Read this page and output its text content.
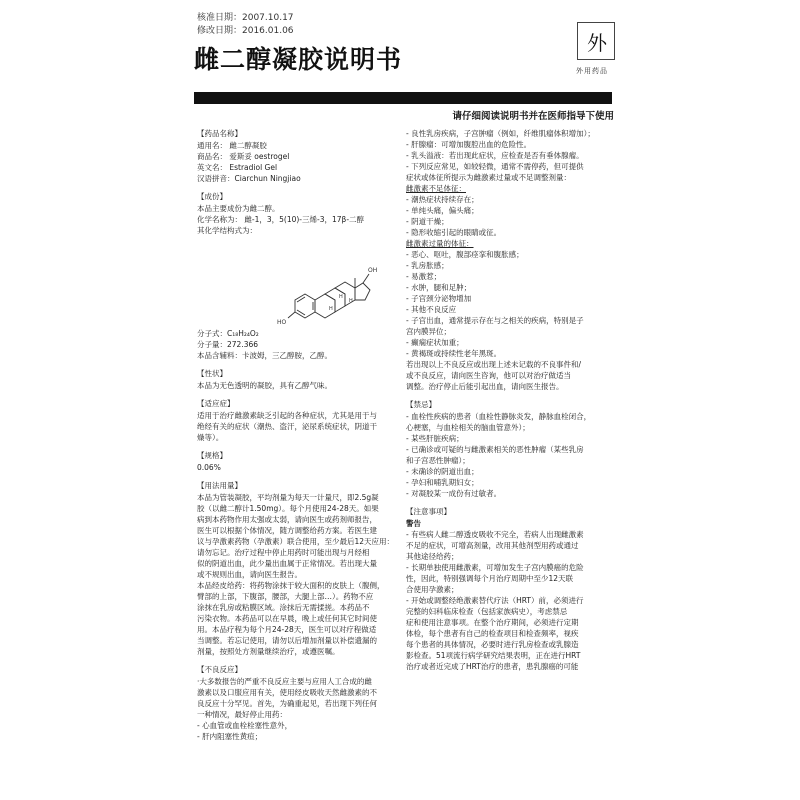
核准日期：2007.10.17
修改日期：2016.01.06
雌二醇凝胶说明书
外
外用药品
请仔细阅读说明书并在医师指导下使用
【药品名称】
通用名： 雌二醇凝胶
商品名： 爱斯妥 oestrogel
英文名： Estradiol Gel
汉语拼音：Ciarchun Ningjiao
【成份】
本品主要成份为雌二醇。
化学名称为： 雌-1，3，5(10)-三烯-3，17β-二醇
其化学结构式为：
OH
HO
H
H
H
分子式：C₁₈H₂₄O₂
分子量：272.366
本品含辅料：卡波姆，三乙醇胺，乙醇。
【性状】
本品为无色透明的凝胶，具有乙醇气味。
【适应症】
适用于治疗雌激素缺乏引起的各种症状，尤其是用于与
绝经有关的症状（潮热、盗汗，泌尿系统症状，阴道干
燥等）。
【规格】
0.06%
【用法用量】
本品为管装凝胶，平均剂量为每天一计量尺，即2.5g凝
胶（以雌二醇计1.50mg）。每个月使用24-28天。如果
病到本药物作用太强或太弱，请向医生或药剂师报告，
医生可以根据个体情况，随方调整给药方案。若医生建
议与孕激素药物（孕激素）联合使用，至少最后12天应用：
请勿忘记。治疗过程中停止用药时可能出现与月经相
似的阴道出血，此少量出血属于正常情况。若出现大量
或不规则出血，请向医生报告。
本品经皮给药：将药物涂抹于较大面积的皮肤上（腹侧，
臂部的上部，下腹部，腰部，大腿上部…）。药物不应
涂抹在乳房或粘膜区域。涂抹后无需揉搓。本药品不
污染衣物。本药品可以在早晨，晚上或任何其它时间使
用。本品疗程为每个月24-28天，医生可以对疗程做适
当调整。若忘记使用，请勿以后增加剂量以补偿遗漏的
剂量，按照处方剂量继续治疗，或遵医嘱。
【不良反应】
·大多数报告的严重不良反应主要与应用人工合成的雌
激素以及口服应用有关，使用经皮吸收天然雌激素的不
良反应十分罕见。首先，为确重起见，若出现下列任何
一种情况，最好停止用药：
- 心血管或血栓栓塞性意外，
- 肝内阻塞性黄疸；
- 良性乳房疾病，子宫肿瘤（例如，纤维肌瘤体积增加）；
- 肝腺瘤：可增加腹腔出血的危险性。
- 乳头溢液：若出现此症状，应检查是否有垂体腺瘤。
- 下列反应常见，如较轻微，通常不需停药，但可提供
症状或体征所提示为雌激素过量或不足调整剂量：
雌激素不足体征：
- 潮热症状持续存在；
- 单纯头痛，偏头痛；
- 阴道干燥；
- 隐形收缩引起的眼睛或征。
雌激素过量的体征：
- 恶心、呕吐，腹部痉挛和腹胀感；
- 乳房胀感；
- 易激惹；
- 水肿，腿和足肿；
- 子宫颈分泌物增加
- 其他不良反应
- 子宫出血，通常提示存在与之相关的疾病，特别是子
宫内膜异位；
- 癫痫症状加重；
- 黄褐斑或持续性老年黑斑。
若出现以上不良反应或出现上述未记载的不良事件和/
或不良反应，请向医生咨询，他可以对治疗做适当
调整。治疗停止后能引起出血，请向医生报告。
【禁忌】
- 血栓性疾病的患者（血栓性静脉炎发，静脉血栓闭合，
心梗塞，与血栓相关的脑血管意外）；
- 某些肝脏疾病；
- 已确诊或可疑的与雌激素相关的恶性肿瘤（某些乳房
和子宫恶性肿瘤）；
- 未确诊的阴道出血；
- 孕妇和哺乳期妇女；
- 对凝胶某一成份有过敏者。
【注意事项】
警告
- 有些病人雌二醇透皮吸收不完全，若病人出现雌激素
不足的症状，可增高剂量，改用其他剂型用药或通过
其他途径给药；
- 长期单独使用雌激素，可增加发生子宫内膜癌的危险
性，因此，特别强调每个月治疗周期中至少12天联
合使用孕激素；
- 开始或调整经绝激素替代疗法（HRT）前，必须进行
完整的妇科临床检查（包括家族病史），考虑禁忌
症和使用注意事项。在整个治疗期间，必须进行定期
体检，每个患者有自己的检查项目和检查频率，视疾
每个患者的具体情况，必要时进行乳房检查或乳腺造
影检查。51项流行病学研究结果表明，正在进行HRT
治疗或者近完成了HRT治疗的患者，患乳腺癌的可能
